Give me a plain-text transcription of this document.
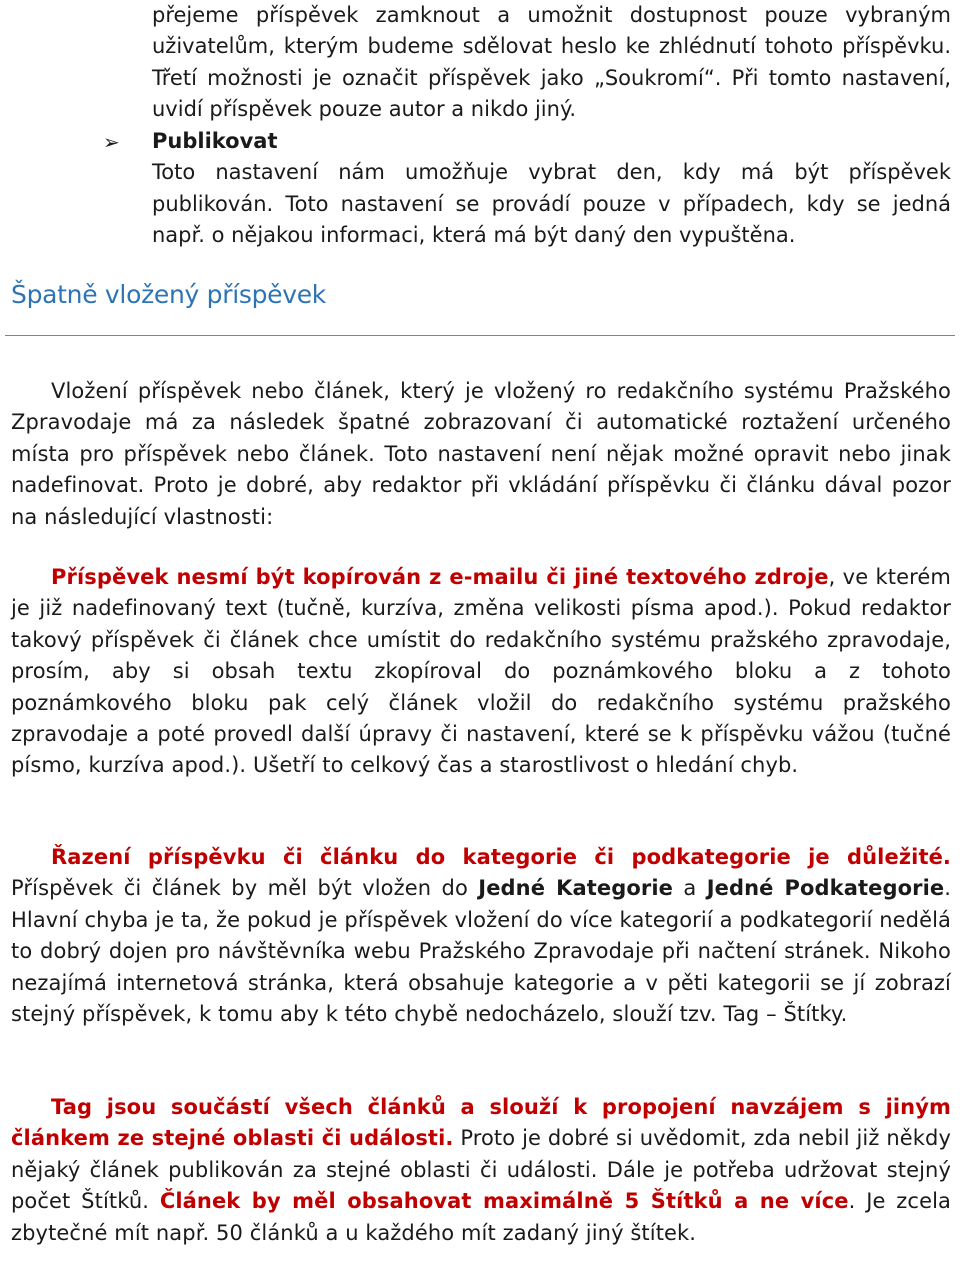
přejeme příspěvek zamknout a umožnit dostupnost pouze vybraným uživatelům, kterým budeme sdělovat heslo ke zhlédnutí tohoto příspěvku. Třetí možnosti je označit příspěvek jako „Soukromí“. Při tomto nastavení, uvidí příspěvek pouze autor a nikdo jiný.

➢ Publikovat

Toto nastavení nám umožňuje vybrat den, kdy má být příspěvek publikován. Toto nastavení se provádí pouze v případech, kdy se jedná např. o nějakou informaci, která má být daný den vypuštěna.

Špatně vložený příspěvek

Vložení příspěvek nebo článek, který je vložený ro redakčního systému Pražského Zpravodaje má za následek špatné zobrazovaní či automatické roztažení určeného místa pro příspěvek nebo článek. Toto nastavení není nějak možné opravit nebo jinak nadefinovat. Proto je dobré, aby redaktor při vkládání příspěvku či článku dával pozor na následující vlastnosti:

Příspěvek nesmí být kopírován z e-mailu či jiné textového zdroje, ve kterém je již nadefinovaný text (tučně, kurzíva, změna velikosti písma apod.). Pokud redaktor takový příspěvek či článek chce umístit do redakčního systému pražského zpravodaje, prosím, aby si obsah textu zkopíroval do poznámkového bloku a z tohoto poznámkového bloku pak celý článek vložil do redakčního systému pražského zpravodaje a poté provedl další úpravy či nastavení, které se k příspěvku vážou (tučné písmo, kurzíva apod.). Ušetří to celkový čas a starostlivost o hledání chyb.

Řazení příspěvku či článku do kategorie či podkategorie je důležité. Příspěvek či článek by měl být vložen do Jedné Kategorie a Jedné Podkategorie. Hlavní chyba je ta, že pokud je příspěvek vložení do více kategorií a podkategorií nedělá to dobrý dojen pro návštěvníka webu Pražského Zpravodaje při načtení stránek. Nikoho nezajímá internetová stránka, která obsahuje kategorie a v pěti kategorii se jí zobrazí stejný příspěvek, k tomu aby k této chybě nedocházelo, slouží tzv. Tag – Štítky.

Tag jsou součástí všech článků a slouží k propojení navzájem s jiným článkem ze stejné oblasti či události. Proto je dobré si uvědomit, zda nebil již někdy nějaký článek publikován za stejné oblasti či události. Dále je potřeba udržovat stejný počet Štítků. Článek by měl obsahovat maximálně 5 Štítků a ne více. Je zcela zbytečné mít např. 50 článků a u každého mít zadaný jiný štítek.
